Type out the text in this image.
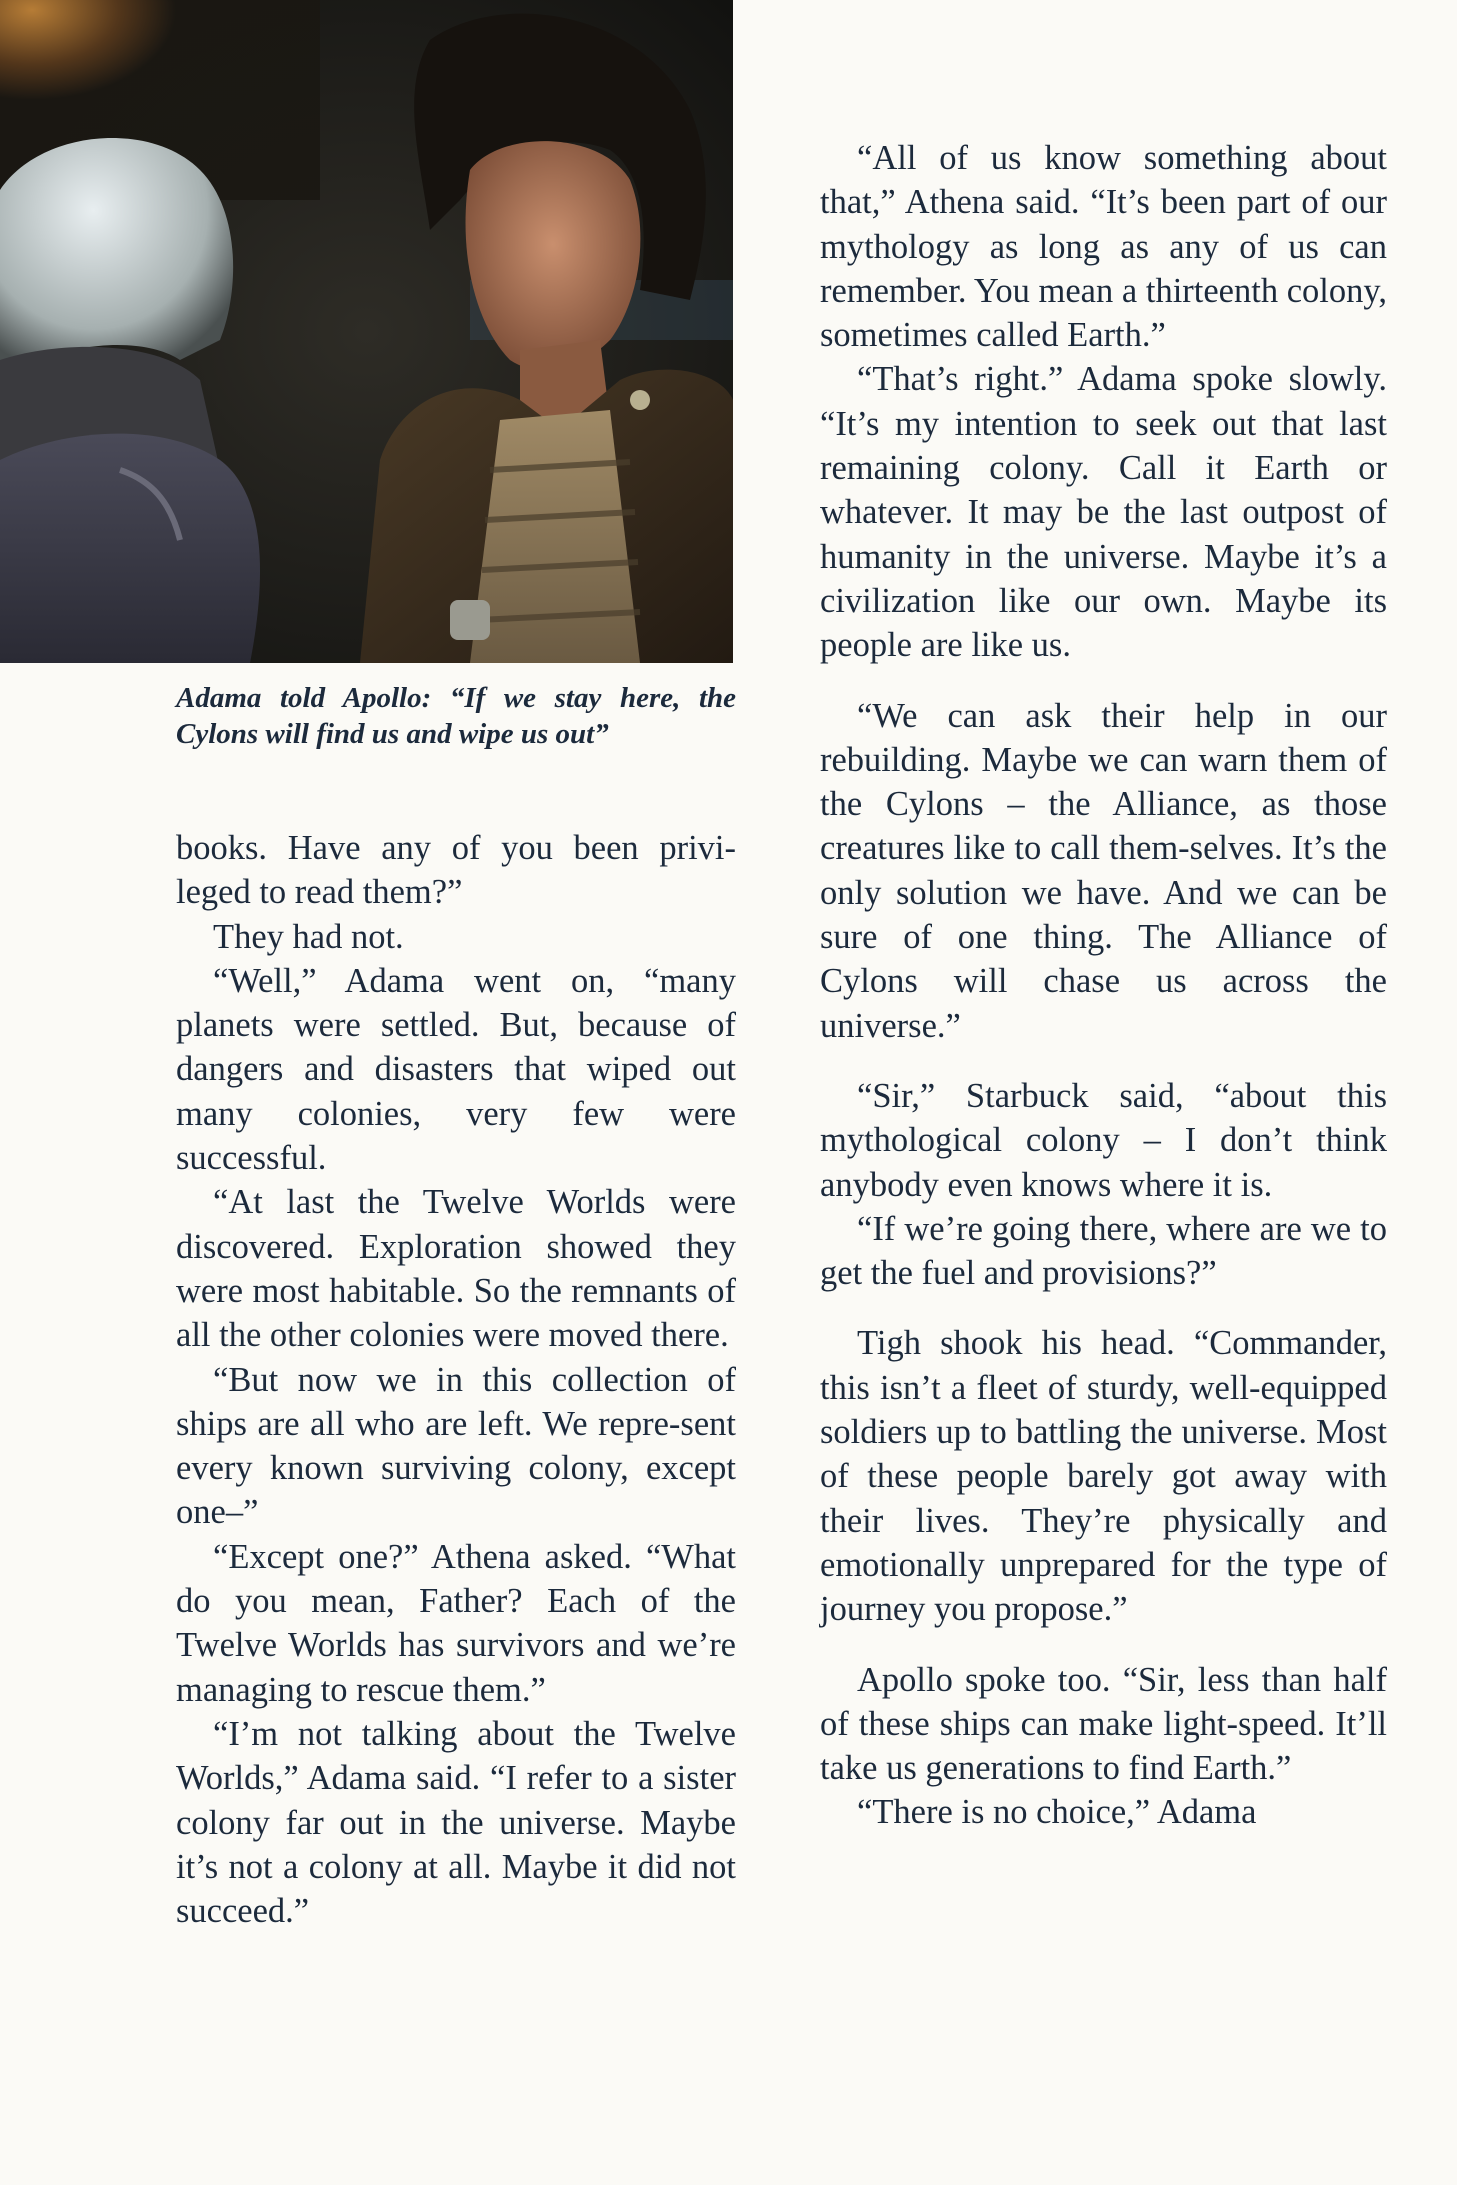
Adama told Apollo: “If we stay here, the Cylons will find us and wipe us out”

books. Have any of you been privi-leged to read them?”

They had not.

“Well,” Adama went on, “many planets were settled. But, because of dangers and disasters that wiped out many colonies, very few were successful.

“At last the Twelve Worlds were discovered. Exploration showed they were most habitable. So the remnants of all the other colonies were moved there.

“But now we in this collection of ships are all who are left. We repre-sent every known surviving colony, except one–”

“Except one?” Athena asked. “What do you mean, Father? Each of the Twelve Worlds has survivors and we’re managing to rescue them.”

“I’m not talking about the Twelve Worlds,” Adama said. “I refer to a sister colony far out in the universe. Maybe it’s not a colony at all. Maybe it did not succeed.”

“All of us know something about that,” Athena said. “It’s been part of our mythology as long as any of us can remember. You mean a thirteenth colony, sometimes called Earth.”

“That’s right.” Adama spoke slowly. “It’s my intention to seek out that last remaining colony. Call it Earth or whatever. It may be the last outpost of humanity in the universe. Maybe it’s a civilization like our own. Maybe its people are like us.

“We can ask their help in our rebuilding. Maybe we can warn them of the Cylons – the Alliance, as those creatures like to call them-selves. It’s the only solution we have. And we can be sure of one thing. The Alliance of Cylons will chase us across the universe.”

“Sir,” Starbuck said, “about this mythological colony – I don’t think anybody even knows where it is.

“If we’re going there, where are we to get the fuel and provisions?”

Tigh shook his head. “Commander, this isn’t a fleet of sturdy, well-equipped soldiers up to battling the universe. Most of these people barely got away with their lives. They’re physically and emotionally unprepared for the type of journey you propose.”

Apollo spoke too. “Sir, less than half of these ships can make light-speed. It’ll take us generations to find Earth.”

“There is no choice,” Adama
